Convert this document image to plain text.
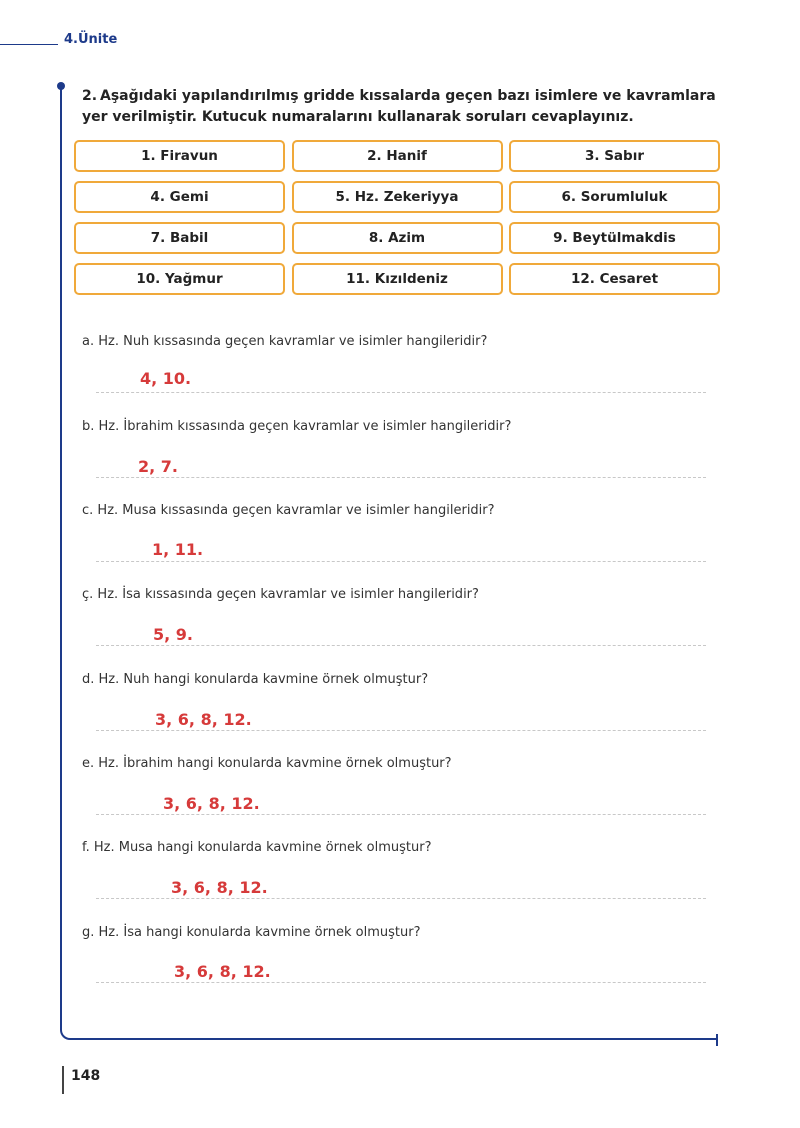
4.Ünite
2. Aşağıdaki yapılandırılmış gridde kıssalarda geçen bazı isimlere ve kavramlara yer verilmiştir. Kutucuk numaralarını kullanarak soruları cevaplayınız.
1. Firavun	2. Hanif	3. Sabır
4. Gemi	5. Hz. Zekeriyya	6. Sorumluluk
7. Babil	8. Azim	9. Beytülmakdis
10. Yağmur	11. Kızıldeniz	12. Cesaret
a. Hz. Nuh kıssasında geçen kavramlar ve isimler hangileridir?
4, 10.
b. Hz. İbrahim kıssasında geçen kavramlar ve isimler hangileridir?
2, 7.
c. Hz. Musa kıssasında geçen kavramlar ve isimler hangileridir?
1, 11.
ç. Hz. İsa kıssasında geçen kavramlar ve isimler hangileridir?
5, 9.
d. Hz. Nuh hangi konularda kavmine örnek olmuştur?
3, 6, 8, 12.
e. Hz. İbrahim hangi konularda kavmine örnek olmuştur?
3, 6, 8, 12.
f. Hz. Musa hangi konularda kavmine örnek olmuştur?
3, 6, 8, 12.
g. Hz. İsa hangi konularda kavmine örnek olmuştur?
3, 6, 8, 12.
148
